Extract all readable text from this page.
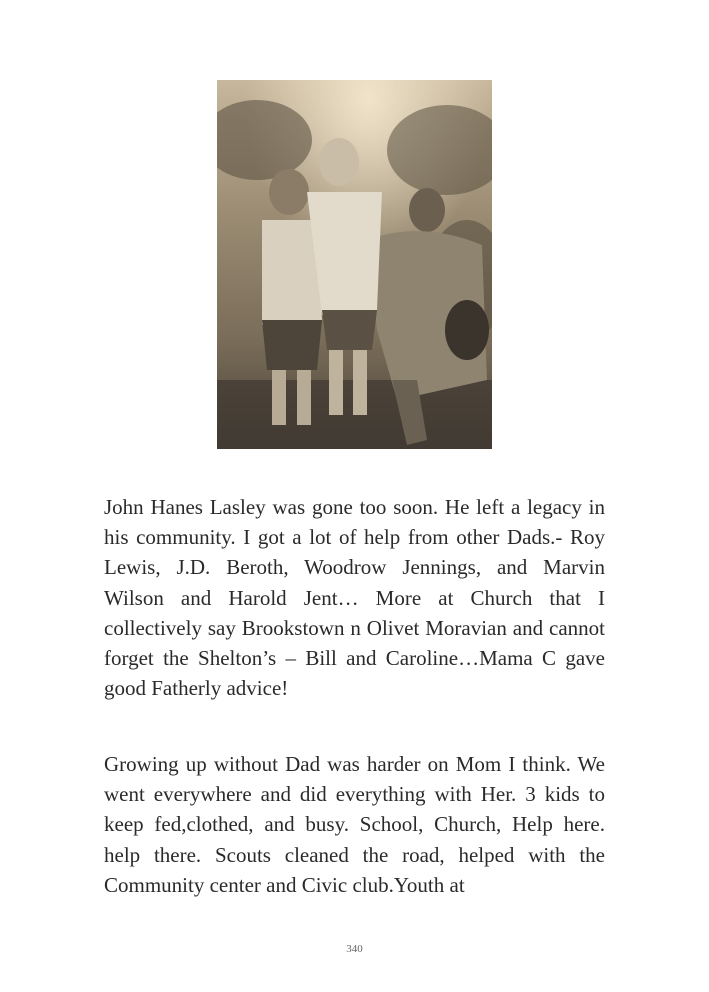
John Hanes Lasley was gone too soon. He left a legacy in his community. I got a lot of help from other Dads.- Roy Lewis, J.D. Beroth, Woodrow Jennings, and Marvin Wilson and Harold Jent… More at Church that I collectively say Brookstown n Olivet Moravian and cannot forget the Shelton’s – Bill and Caroline…Mama C gave good Fatherly advice!

Growing up without Dad was harder on Mom I think. We went everywhere and did everything with Her. 3 kids to keep fed,clothed, and busy. School, Church, Help here. help there. Scouts cleaned the road, helped with the Community center and Civic club.Youth at

340
